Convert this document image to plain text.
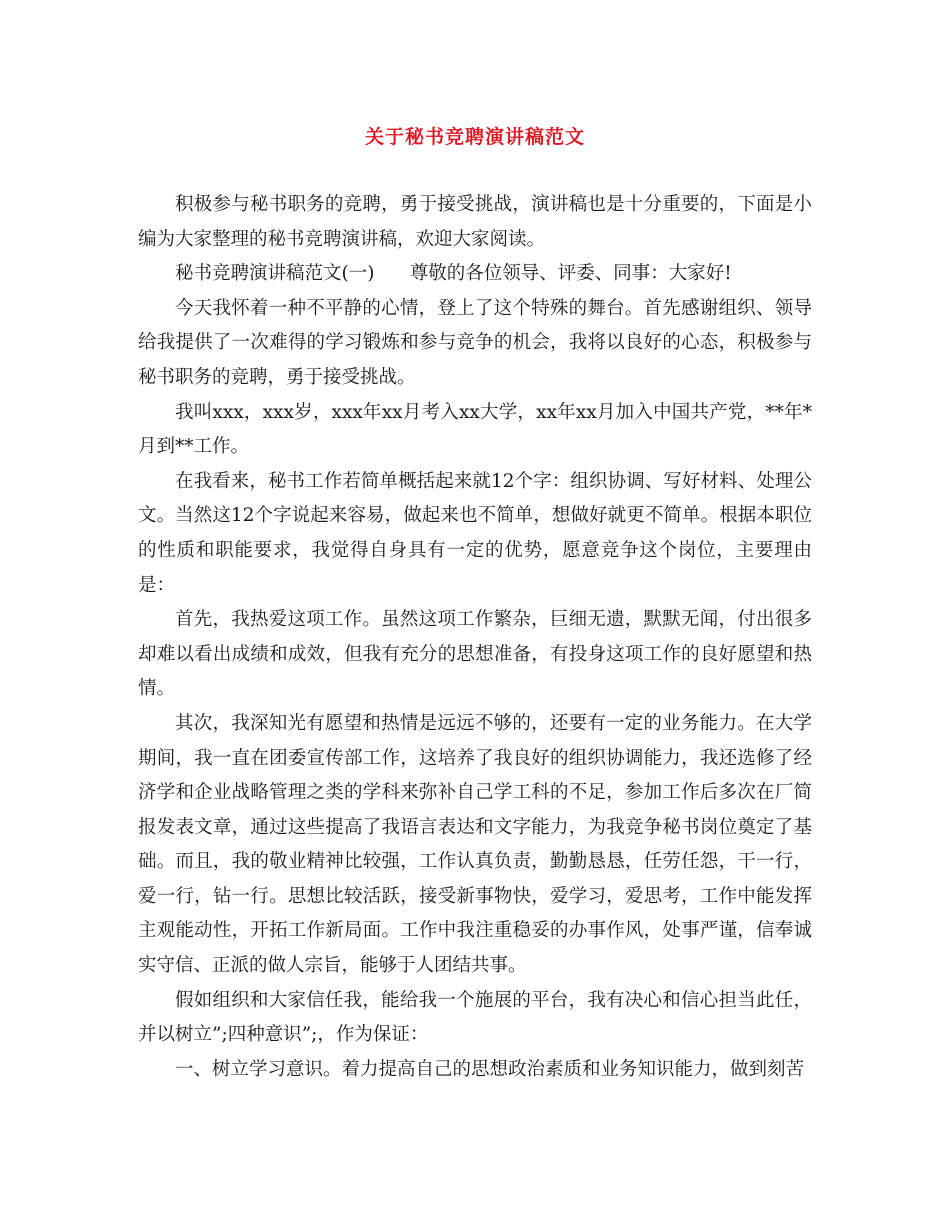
关于秘书竞聘演讲稿范文

积极参与秘书职务的竞聘，勇于接受挑战，演讲稿也是十分重要的，下面是小编为大家整理的秘书竞聘演讲稿，欢迎大家阅读。

秘书竞聘演讲稿范文(一)      尊敬的各位领导、评委、同事：大家好!

今天我怀着一种不平静的心情，登上了这个特殊的舞台。首先感谢组织、领导给我提供了一次难得的学习锻炼和参与竞争的机会，我将以良好的心态，积极参与秘书职务的竞聘，勇于接受挑战。

我叫xxx，xxx岁，xxx年xx月考入xx大学，xx年xx月加入中国共产党，**年*月到**工作。

在我看来，秘书工作若简单概括起来就12个字：组织协调、写好材料、处理公文。当然这12个字说起来容易，做起来也不简单，想做好就更不简单。根据本职位的性质和职能要求，我觉得自身具有一定的优势，愿意竞争这个岗位，主要理由是：

首先，我热爱这项工作。虽然这项工作繁杂，巨细无遗，默默无闻，付出很多却难以看出成绩和成效，但我有充分的思想准备，有投身这项工作的良好愿望和热情。

其次，我深知光有愿望和热情是远远不够的，还要有一定的业务能力。在大学期间，我一直在团委宣传部工作，这培养了我良好的组织协调能力，我还选修了经济学和企业战略管理之类的学科来弥补自己学工科的不足，参加工作后多次在厂简报发表文章，通过这些提高了我语言表达和文字能力，为我竞争秘书岗位奠定了基础。而且，我的敬业精神比较强，工作认真负责，勤勤恳恳，任劳任怨，干一行，爱一行，钻一行。思想比较活跃，接受新事物快，爱学习，爱思考，工作中能发挥主观能动性，开拓工作新局面。工作中我注重稳妥的办事作风，处事严谨，信奉诚实守信、正派的做人宗旨，能够于人团结共事。

假如组织和大家信任我，能给我一个施展的平台，我有决心和信心担当此任，并以树立”;四种意识”;，作为保证：

一、树立学习意识。着力提高自己的思想政治素质和业务知识能力，做到刻苦
